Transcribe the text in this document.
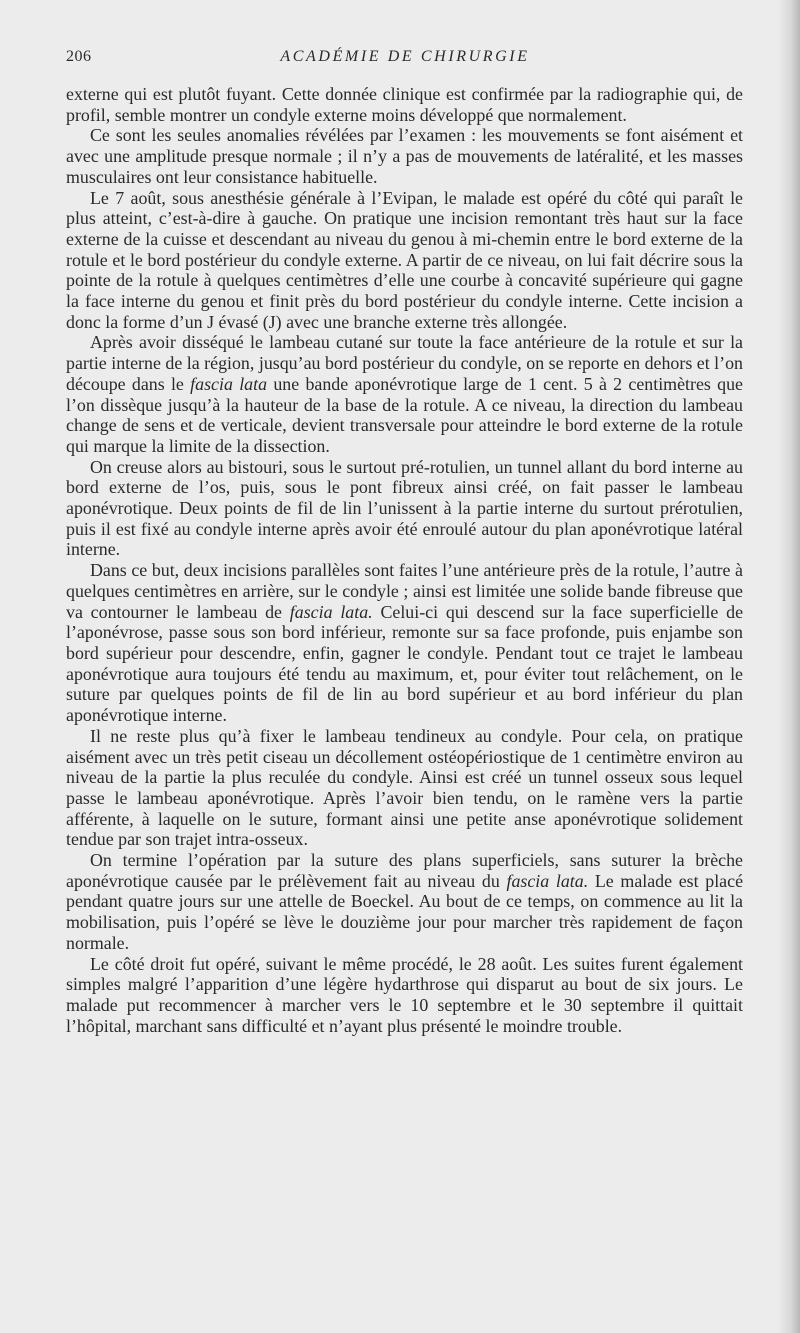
206	ACADÉMIE DE CHIRURGIE

externe qui est plutôt fuyant. Cette donnée clinique est confirmée par la radiographie qui, de profil, semble montrer un condyle externe moins développé que normalement.

Ce sont les seules anomalies révélées par l’examen : les mouvements se font aisément et avec une amplitude presque normale ; il n’y a pas de mouvements de latéralité, et les masses musculaires ont leur consistance habituelle.

Le 7 août, sous anesthésie générale à l’Evipan, le malade est opéré du côté qui paraît le plus atteint, c’est-à-dire à gauche. On pratique une incision remontant très haut sur la face externe de la cuisse et descendant au niveau du genou à mi-chemin entre le bord externe de la rotule et le bord postérieur du condyle externe. A partir de ce niveau, on lui fait décrire sous la pointe de la rotule à quelques centimètres d’elle une courbe à concavité supérieure qui gagne la face interne du genou et finit près du bord postérieur du condyle interne. Cette incision a donc la forme d’un J évasé (J) avec une branche externe très allongée.

Après avoir disséqué le lambeau cutané sur toute la face antérieure de la rotule et sur la partie interne de la région, jusqu’au bord postérieur du condyle, on se reporte en dehors et l’on découpe dans le fascia lata une bande aponévrotique large de 1 cent. 5 à 2 centimètres que l’on dissèque jusqu’à la hauteur de la base de la rotule. A ce niveau, la direction du lambeau change de sens et de verticale, devient transversale pour atteindre le bord externe de la rotule qui marque la limite de la dissection.

On creuse alors au bistouri, sous le surtout pré-rotulien, un tunnel allant du bord interne au bord externe de l’os, puis, sous le pont fibreux ainsi créé, on fait passer le lambeau aponévrotique. Deux points de fil de lin l’unissent à la partie interne du surtout prérotulien, puis il est fixé au condyle interne après avoir été enroulé autour du plan aponévrotique latéral interne.

Dans ce but, deux incisions parallèles sont faites l’une antérieure près de la rotule, l’autre à quelques centimètres en arrière, sur le condyle ; ainsi est limitée une solide bande fibreuse que va contourner le lambeau de fascia lata. Celui-ci qui descend sur la face superficielle de l’aponévrose, passe sous son bord inférieur, remonte sur sa face profonde, puis enjambe son bord supérieur pour descendre, enfin, gagner le condyle. Pendant tout ce trajet le lambeau aponévrotique aura toujours été tendu au maximum, et, pour éviter tout relâchement, on le suture par quelques points de fil de lin au bord supérieur et au bord inférieur du plan aponévrotique interne.

Il ne reste plus qu’à fixer le lambeau tendineux au condyle. Pour cela, on pratique aisément avec un très petit ciseau un décollement ostéopériostique de 1 centimètre environ au niveau de la partie la plus reculée du condyle. Ainsi est créé un tunnel osseux sous lequel passe le lambeau aponévrotique. Après l’avoir bien tendu, on le ramène vers la partie afférente, à laquelle on le suture, formant ainsi une petite anse aponévrotique solidement tendue par son trajet intra-osseux.

On termine l’opération par la suture des plans superficiels, sans suturer la brèche aponévrotique causée par le prélèvement fait au niveau du fascia lata. Le malade est placé pendant quatre jours sur une attelle de Boeckel. Au bout de ce temps, on commence au lit la mobilisation, puis l’opéré se lève le douzième jour pour marcher très rapidement de façon normale.

Le côté droit fut opéré, suivant le même procédé, le 28 août. Les suites furent également simples malgré l’apparition d’une légère hydarthrose qui disparut au bout de six jours. Le malade put recommencer à marcher vers le 10 septembre et le 30 septembre il quittait l’hôpital, marchant sans difficulté et n’ayant plus présenté le moindre trouble.
